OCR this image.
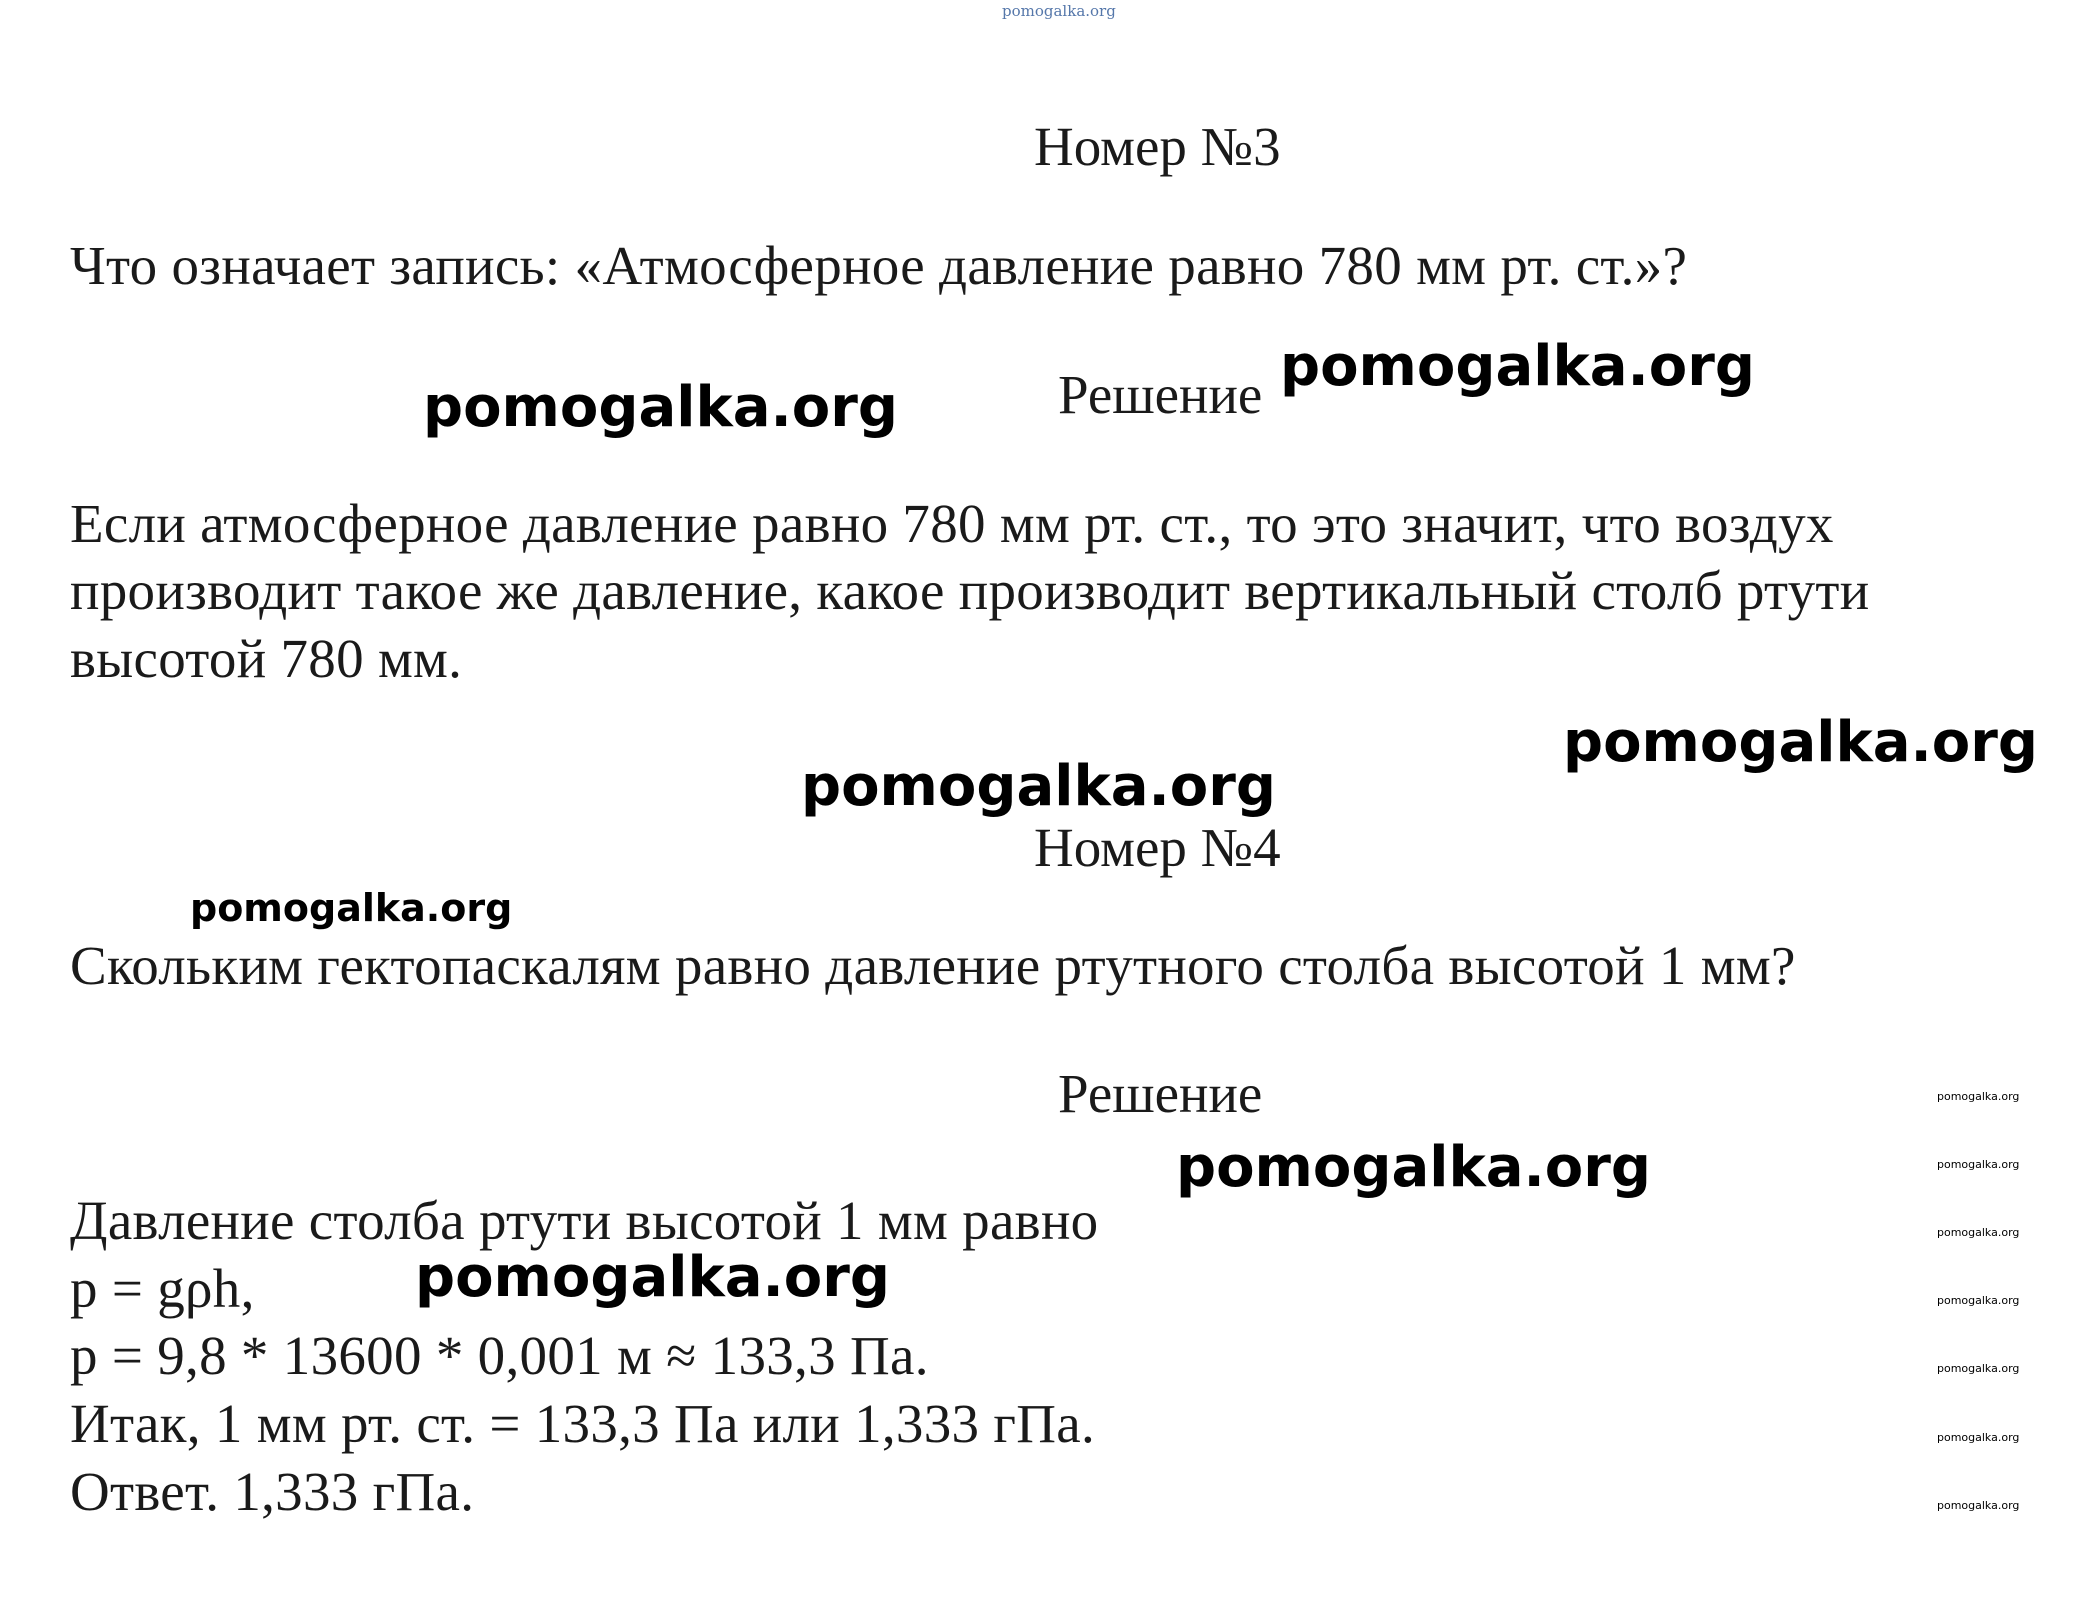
pomogalka.org
Номер №3
Что означает запись: «Атмосферное давление равно 780 мм рт. ст.»?
Решение
Если атмосферное давление равно 780 мм рт. ст., то это значит, что воздух
производит такое же давление, какое производит вертикальный столб ртути
высотой 780 мм.
Номер №4
Скольким гектопаскалям равно давление ртутного столба высотой 1 мм?
Решение
Давление столба ртути высотой 1 мм равно
p = gρh,
p = 9,8 * 13600 * 0,001 м ≈ 133,3 Па.
Итак, 1 мм рт. ст. = 133,3 Па или 1,333 гПа.
Ответ. 1,333 гПа.
pomogalka.org
pomogalka.org
pomogalka.org
pomogalka.org
pomogalka.org
pomogalka.org
pomogalka.org
pomogalka.org
pomogalka.org
pomogalka.org
pomogalka.org
pomogalka.org
pomogalka.org
pomogalka.org
